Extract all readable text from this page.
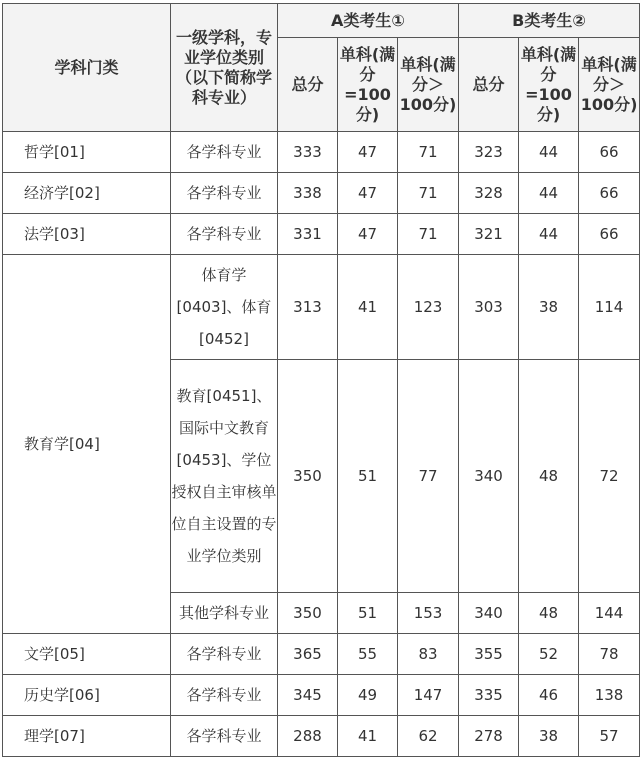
学科门类	一级学科，专业学位类别（以下简称学科专业）	A类考生①			B类考生②		
		总分	单科(满分=100分)	单科(满分＞100分)	总分	单科(满分=100分)	单科(满分＞100分)
哲学[01]	各学科专业	333	47	71	323	44	66
经济学[02]	各学科专业	338	47	71	328	44	66
法学[03]	各学科专业	331	47	71	321	44	66
教育学[04]	体育学[0403]、体育[0452]	313	41	123	303	38	114
	教育[0451]、国际中文教育[0453]、学位授权自主审核单位自主设置的专业学位类别	350	51	77	340	48	72
	其他学科专业	350	51	153	340	48	144
文学[05]	各学科专业	365	55	83	355	52	78
历史学[06]	各学科专业	345	49	147	335	46	138
理学[07]	各学科专业	288	41	62	278	38	57
